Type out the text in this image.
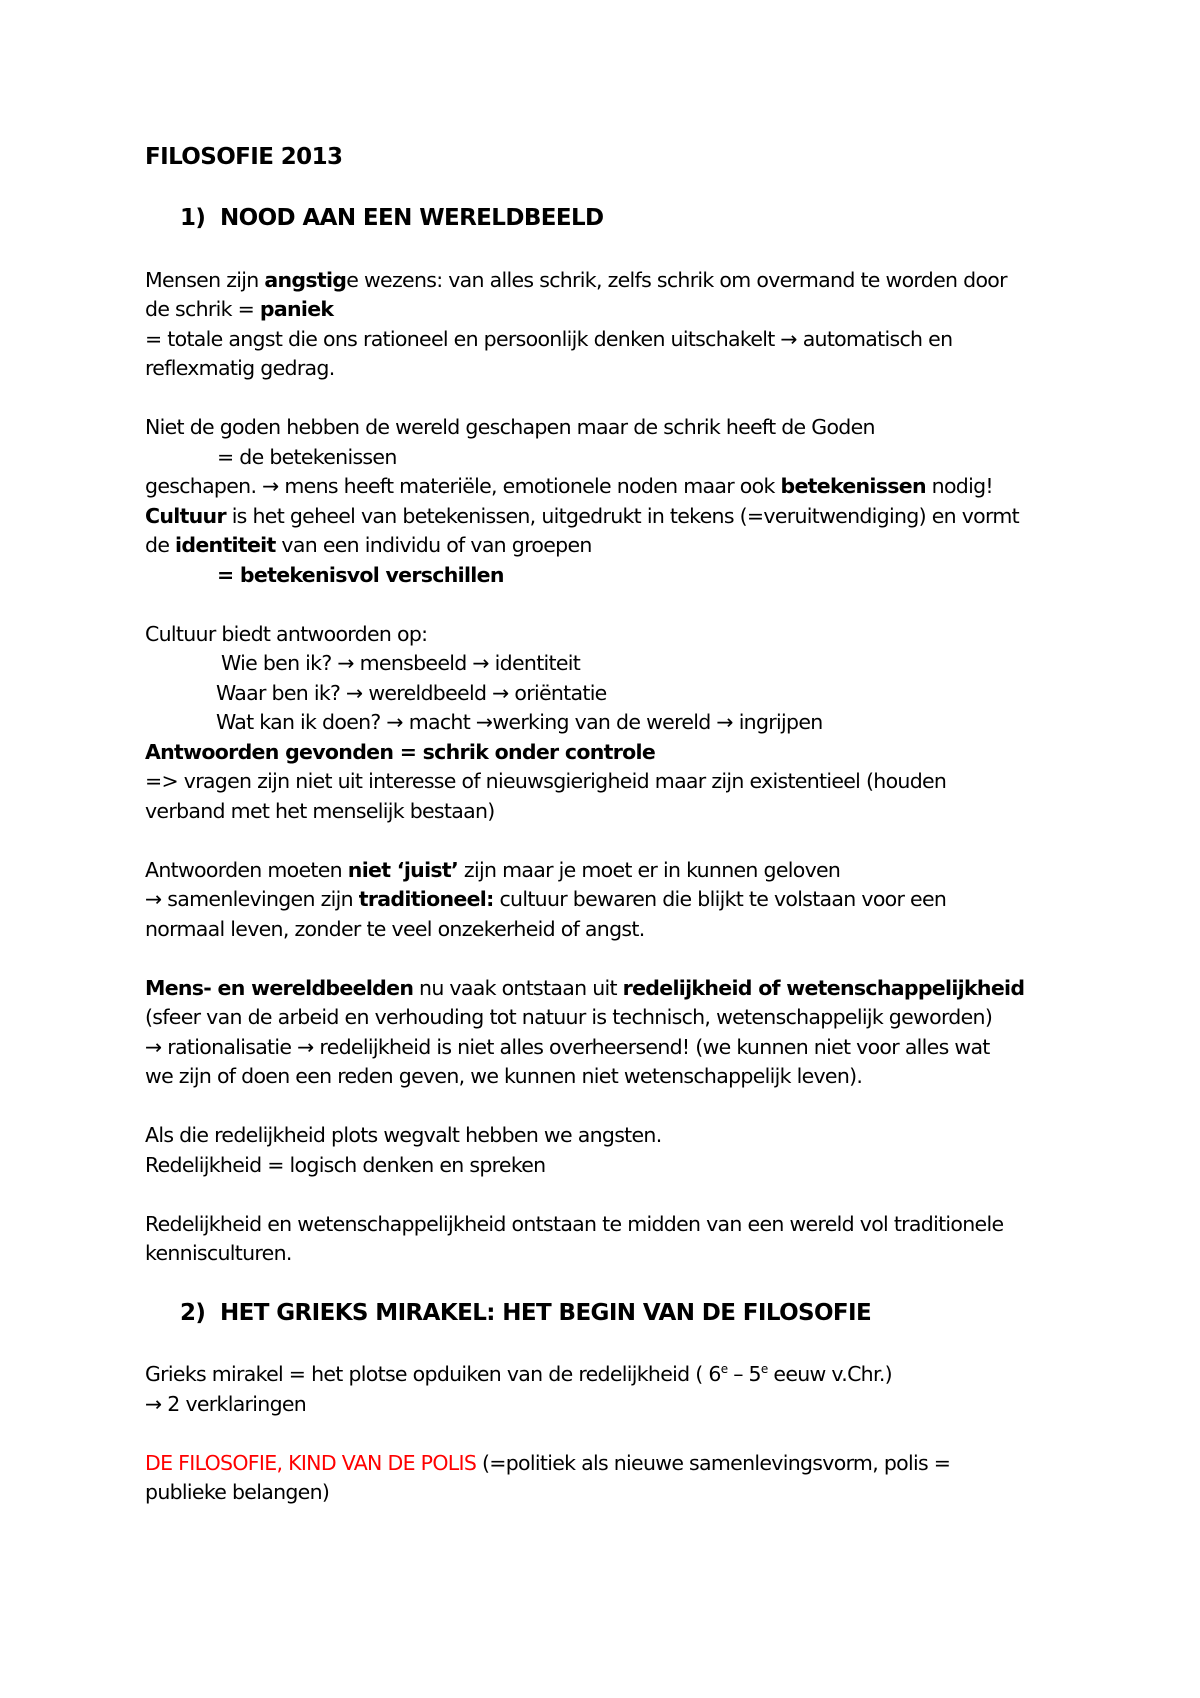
FILOSOFIE 2013
1) NOOD AAN EEN WERELDBEELD
Mensen zijn angstige wezens: van alles schrik, zelfs schrik om overmand te worden door
de schrik = paniek
= totale angst die ons rationeel en persoonlijk denken uitschakelt → automatisch en
reflexmatig gedrag.
Niet de goden hebben de wereld geschapen maar de schrik heeft de Goden
= de betekenissen
geschapen. → mens heeft materiële, emotionele noden maar ook betekenissen nodig!
Cultuur is het geheel van betekenissen, uitgedrukt in tekens (=veruitwendiging) en vormt
de identiteit van een individu of van groepen
= betekenisvol verschillen
Cultuur biedt antwoorden op:
Wie ben ik? → mensbeeld → identiteit
Waar ben ik? → wereldbeeld → oriëntatie
Wat kan ik doen? → macht →werking van de wereld → ingrijpen
Antwoorden gevonden = schrik onder controle
=> vragen zijn niet uit interesse of nieuwsgierigheid maar zijn existentieel (houden
verband met het menselijk bestaan)
Antwoorden moeten niet ‘juist’ zijn maar je moet er in kunnen geloven
→ samenlevingen zijn traditioneel: cultuur bewaren die blijkt te volstaan voor een
normaal leven, zonder te veel onzekerheid of angst.
Mens- en wereldbeelden nu vaak ontstaan uit redelijkheid of wetenschappelijkheid
(sfeer van de arbeid en verhouding tot natuur is technisch, wetenschappelijk geworden)
→ rationalisatie → redelijkheid is niet alles overheersend! (we kunnen niet voor alles wat
we zijn of doen een reden geven, we kunnen niet wetenschappelijk leven).
Als die redelijkheid plots wegvalt hebben we angsten.
Redelijkheid = logisch denken en spreken
Redelijkheid en wetenschappelijkheid ontstaan te midden van een wereld vol traditionele
kennisculturen.
2) HET GRIEKS MIRAKEL: HET BEGIN VAN DE FILOSOFIE
Grieks mirakel = het plotse opduiken van de redelijkheid ( 6e – 5e eeuw v.Chr.)
→ 2 verklaringen
DE FILOSOFIE, KIND VAN DE POLIS (=politiek als nieuwe samenlevingsvorm, polis =
publieke belangen)
